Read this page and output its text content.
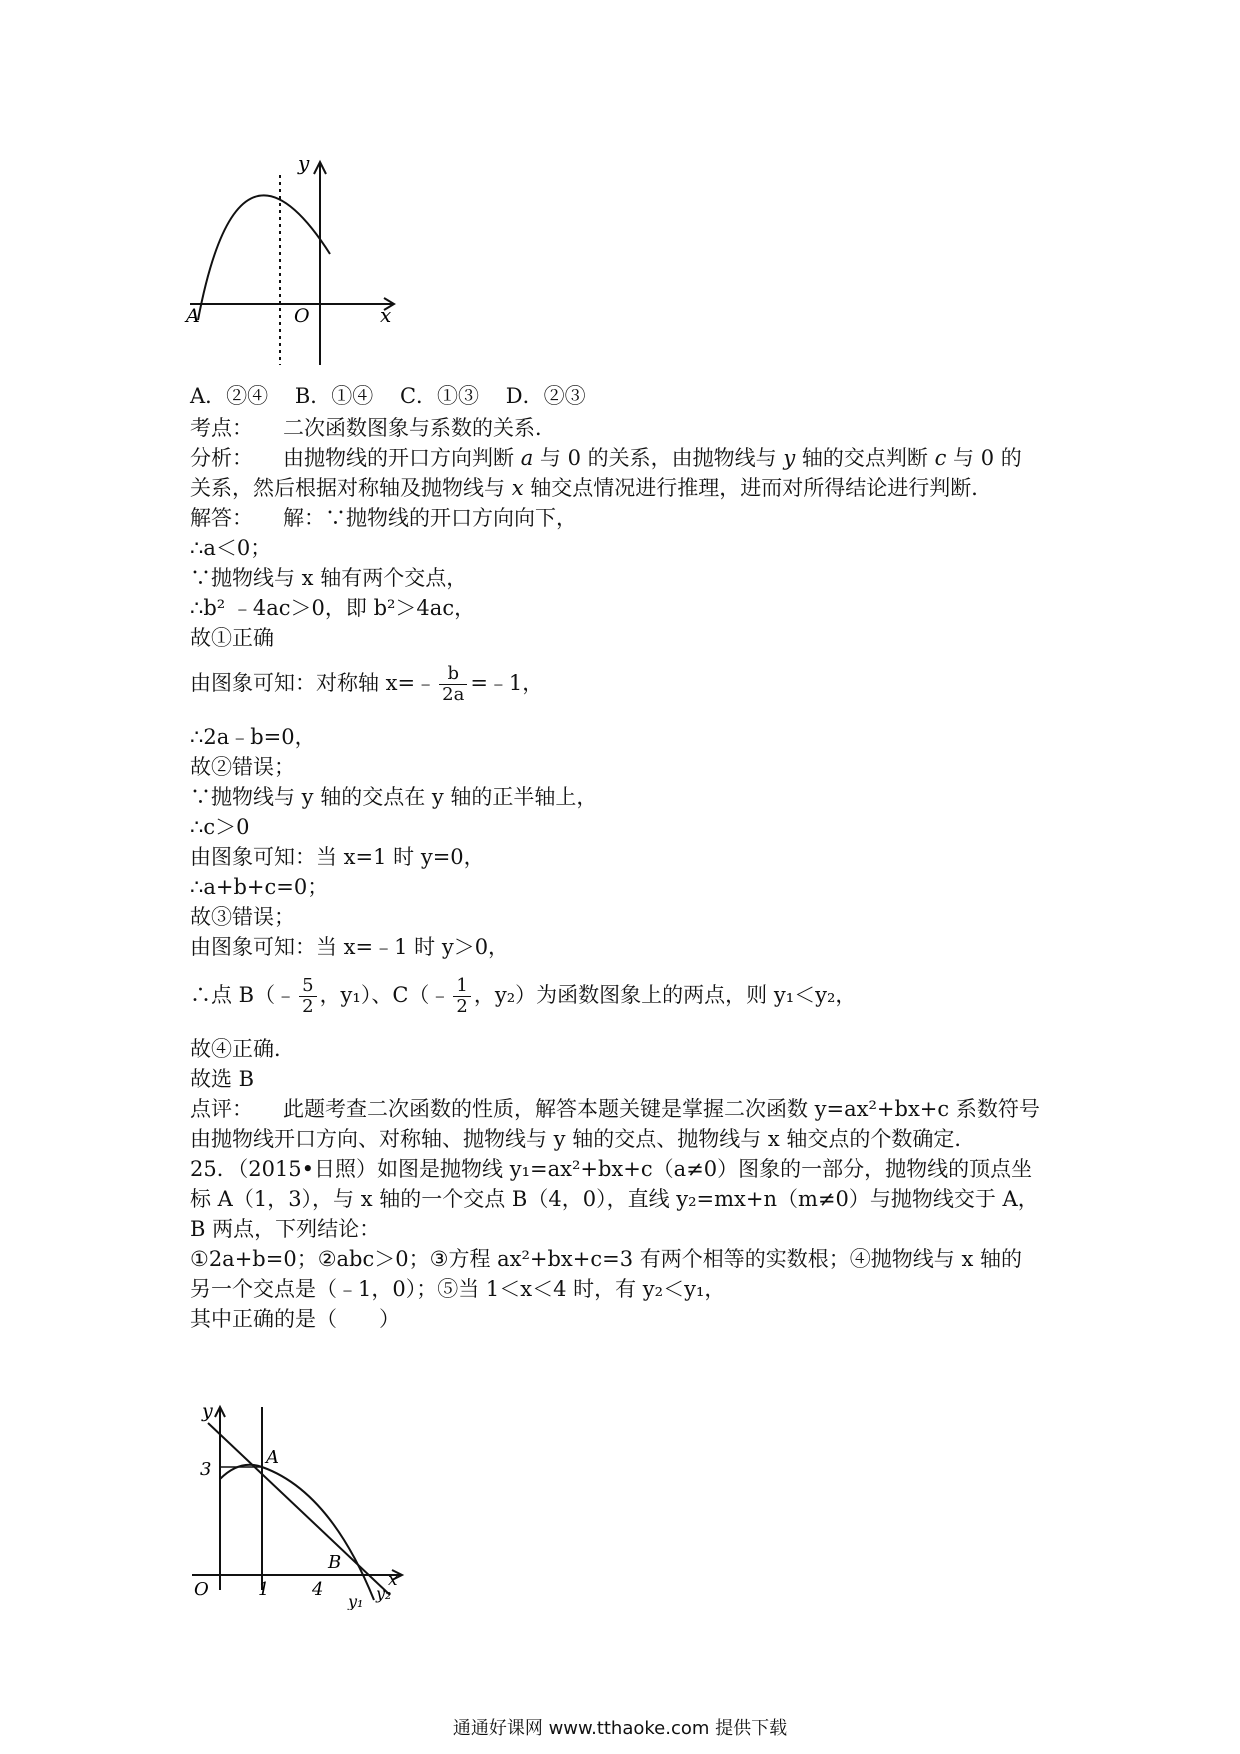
y
A	O	x
A．②④ B．①④ C．①③ D．②③
考点： 二次函数图象与系数的关系．
分析： 由抛物线的开口方向判断 a 与 0 的关系，由抛物线与 y 轴的交点判断 c 与 0 的
关系，然后根据对称轴及抛物线与 x 轴交点情况进行推理，进而对所得结论进行判断．
解答： 解：∵抛物线的开口方向向下，
∴a＜0；
∵抛物线与 x 轴有两个交点，
∴b² ﹣4ac＞0，即 b²＞4ac，
故①正确
由图象可知：对称轴 x=﹣ $\frac{b}{2a}$ =﹣1，
∴2a﹣b=0，
故②错误；
∵抛物线与 y 轴的交点在 y 轴的正半轴上，
∴c＞0
由图象可知：当 x=1 时 y=0，
∴a+b+c=0；
故③错误；
由图象可知：当 x=﹣1 时 y＞0，
∴点 B（﹣ $\frac{5}{2}$ ，y₁）、C（﹣ $\frac{1}{2}$ ，y₂）为函数图象上的两点，则 y₁＜y₂，
故④正确．
故选 B
点评： 此题考查二次函数的性质，解答本题关键是掌握二次函数 y=ax²+bx+c 系数符号
由抛物线开口方向、对称轴、抛物线与 y 轴的交点、抛物线与 x 轴交点的个数确定．
25．（2015•日照）如图是抛物线 y₁=ax²+bx+c（a≠0）图象的一部分，抛物线的顶点坐
标 A（1，3），与 x 轴的一个交点 B（4，0），直线 y₂=mx+n（m≠0）与抛物线交于 A，
B 两点，下列结论：
①2a+b=0；②abc＞0；③方程 ax²+bx+c=3 有两个相等的实数根；④抛物线与 x 轴的
另一个交点是（﹣1，0）；⑤当 1＜x＜4 时，有 y₂＜y₁，
其中正确的是（　　）
y
3
A
B
O	1 4	x
y₂
y₁
通通好课网 www.tthaoke.com 提供下载
